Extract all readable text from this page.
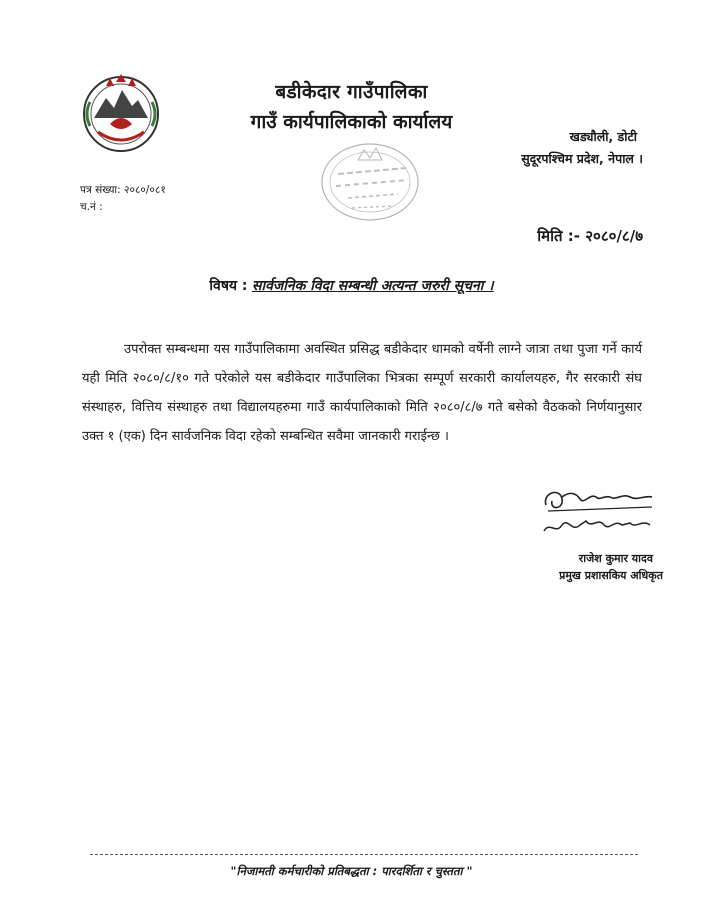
बडीकेदार गाउँपालिका
गाउँ कार्यपालिकाको कार्यालय
खड्यौली, डोटी
सुदूरपश्चिम प्रदेश, नेपाल ।
पत्र संख्या: २०८०/०८१
च.नं :
मिति :- २०८०/८/७
विषय : सार्वजनिक विदा सम्बन्धी अत्यन्त जरुरी सूचना ।
उपरोक्त सम्बन्धमा यस गाउँपालिकामा अवस्थित प्रसिद्ध बडीकेदार धामको वर्षेनी लाग्ने जात्रा तथा पुजा गर्ने कार्य यही मिति २०८०/८/१० गते परेकोले यस बडीकेदार गाउँपालिका भित्रका सम्पूर्ण सरकारी कार्यालयहरु, गैर सरकारी संघ संस्थाहरु, वित्तिय संस्थाहरु तथा विद्यालयहरुमा गाउँ कार्यपालिकाको मिति २०८०/८/७ गते बसेको वैठकको निर्णयानुसार उक्त १ (एक) दिन सार्वजनिक विदा रहेको सम्बन्धित सवैमा जानकारी गराईन्छ ।
राजेश कुमार यादव
प्रमुख प्रशासकिय अधिकृत
"निजामती कर्मचारीको प्रतिबद्धता : पारदर्शिता र चुस्तता "
